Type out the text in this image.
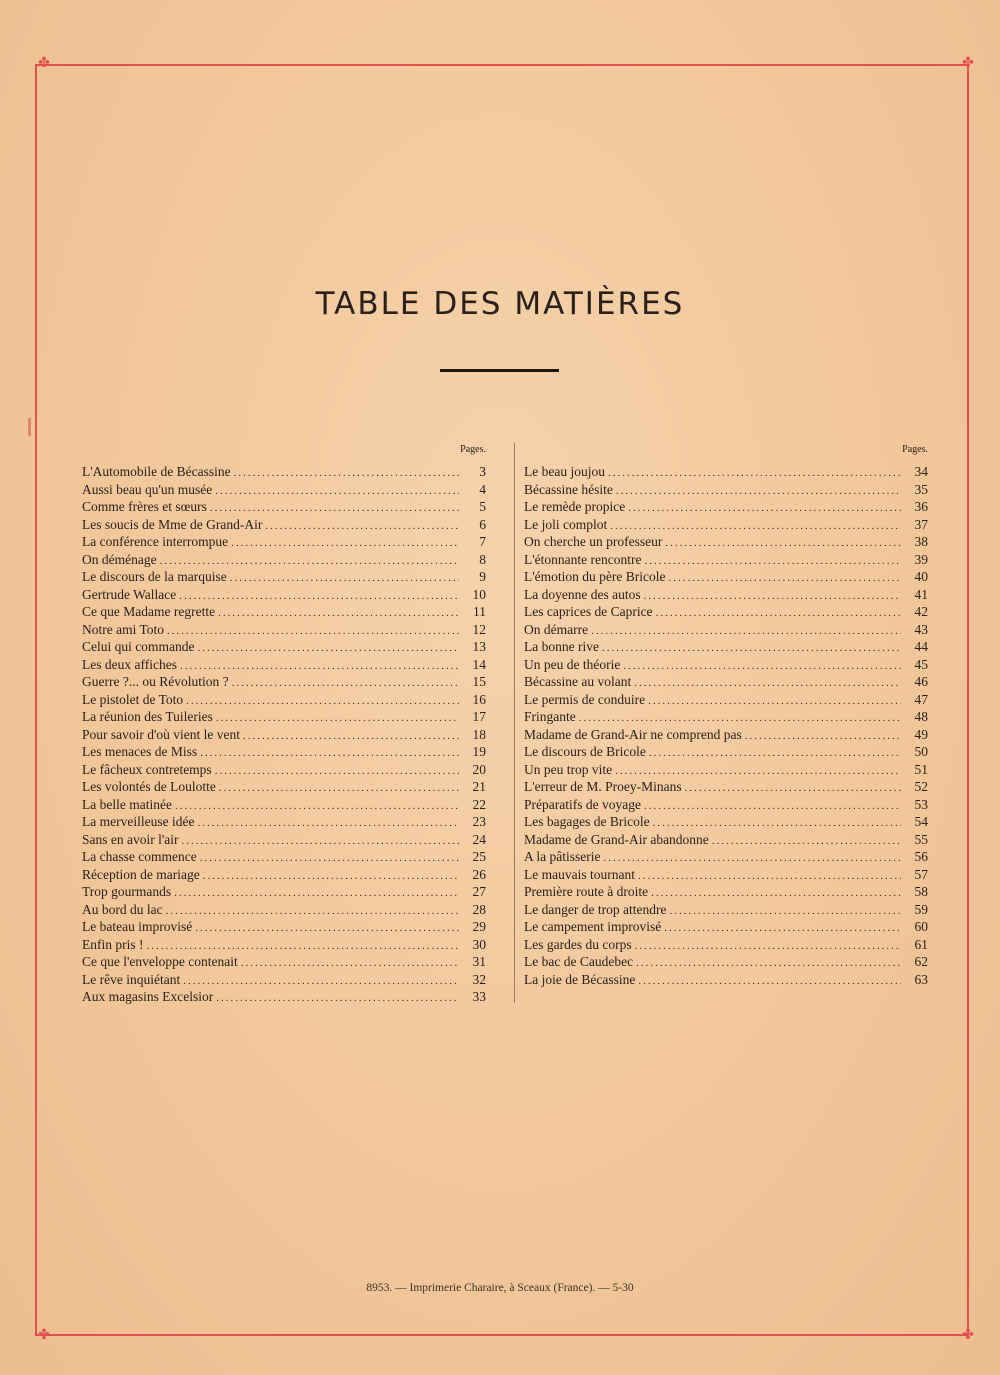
✤	✤
✤	✤
TABLE DES MATIÈRES
Pages.
L'Automobile de Bécassine .....	3
Aussi beau qu'un musée .....	4
Comme frères et sœurs .....	5
Les soucis de Mme de Grand-Air .....	6
La conférence interrompue .....	7
On déménage .....	8
Le discours de la marquise .....	9
Gertrude Wallace .....	10
Ce que Madame regrette .....	11
Notre ami Toto .....	12
Celui qui commande .....	13
Les deux affiches .....	14
Guerre ?... ou Révolution ? .....	15
Le pistolet de Toto .....	16
La réunion des Tuileries .....	17
Pour savoir d'où vient le vent .....	18
Les menaces de Miss .....	19
Le fâcheux contretemps .....	20
Les volontés de Loulotte .....	21
La belle matinée .....	22
La merveilleuse idée .....	23
Sans en avoir l'air .....	24
La chasse commence .....	25
Réception de mariage .....	26
Trop gourmands .....	27
Au bord du lac .....	28
Le bateau improvisé .....	29
Enfin pris ! .....	30
Ce que l'enveloppe contenait .....	31
Le rêve inquiétant .....	32
Aux magasins Excelsior .....	33
Pages.
Le beau joujou .....	34
Bécassine hésite .....	35
Le remède propice .....	36
Le joli complot .....	37
On cherche un professeur .....	38
L'étonnante rencontre .....	39
L'émotion du père Bricole .....	40
La doyenne des autos .....	41
Les caprices de Caprice .....	42
On démarre .....	43
La bonne rive .....	44
Un peu de théorie .....	45
Bécassine au volant .....	46
Le permis de conduire .....	47
Fringante .....	48
Madame de Grand-Air ne comprend pas .....	49
Le discours de Bricole .....	50
Un peu trop vite .....	51
L'erreur de M. Proey-Minans .....	52
Préparatifs de voyage .....	53
Les bagages de Bricole .....	54
Madame de Grand-Air abandonne .....	55
A la pâtisserie .....	56
Le mauvais tournant .....	57
Première route à droite .....	58
Le danger de trop attendre .....	59
Le campement improvisé .....	60
Les gardes du corps .....	61
Le bac de Caudebec .....	62
La joie de Bécassine .....	63
8953. — Imprimerie Charaire, à Sceaux (France). — 5-30
